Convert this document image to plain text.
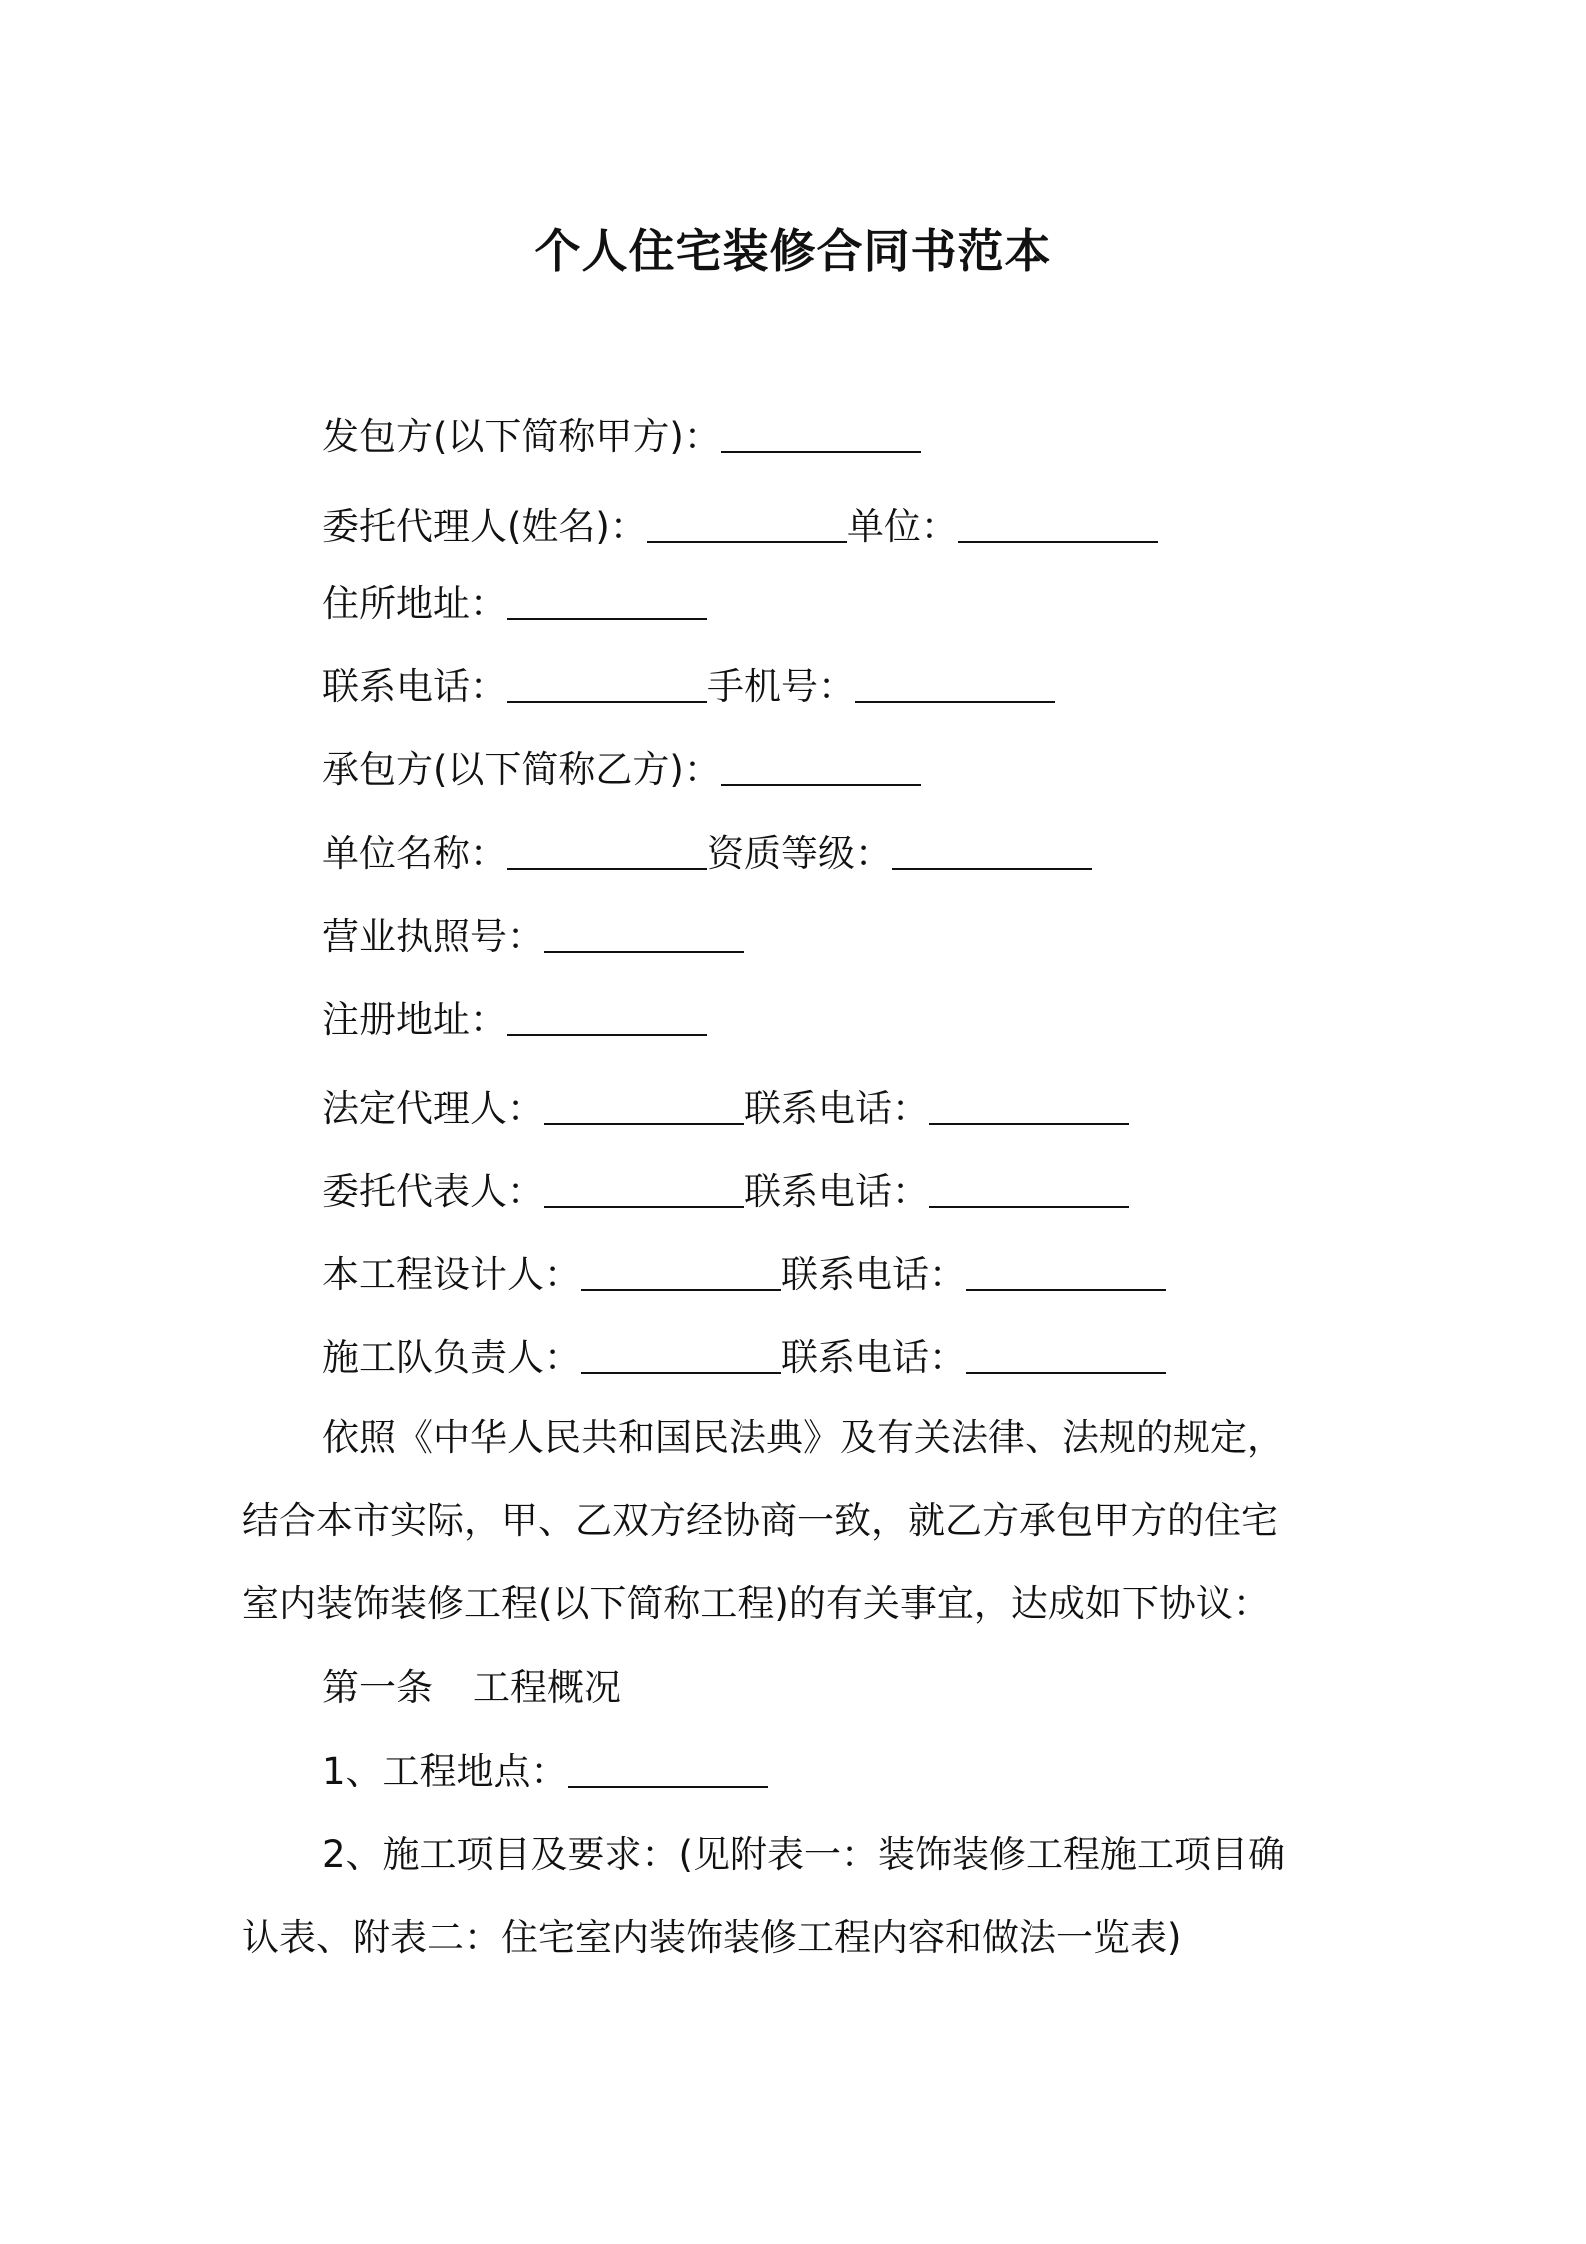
个人住宅装修合同书范本
发包方(以下简称甲方)：
委托代理人(姓名)：	单位：
住所地址：
联系电话：	手机号：
承包方(以下简称乙方)：
单位名称：	资质等级：
营业执照号：
注册地址：
法定代理人：	联系电话：
委托代表人：	联系电话：
本工程设计人：	联系电话：
施工队负责人：	联系电话：
依照《中华人民共和国民法典》及有关法律、法规的规定，
结合本市实际，甲、乙双方经协商一致，就乙方承包甲方的住宅
室内装饰装修工程(以下简称工程)的有关事宜，达成如下协议：
第一条 工程概况
1、工程地点：
2、施工项目及要求：(见附表一：装饰装修工程施工项目确
认表、附表二：住宅室内装饰装修工程内容和做法一览表)
